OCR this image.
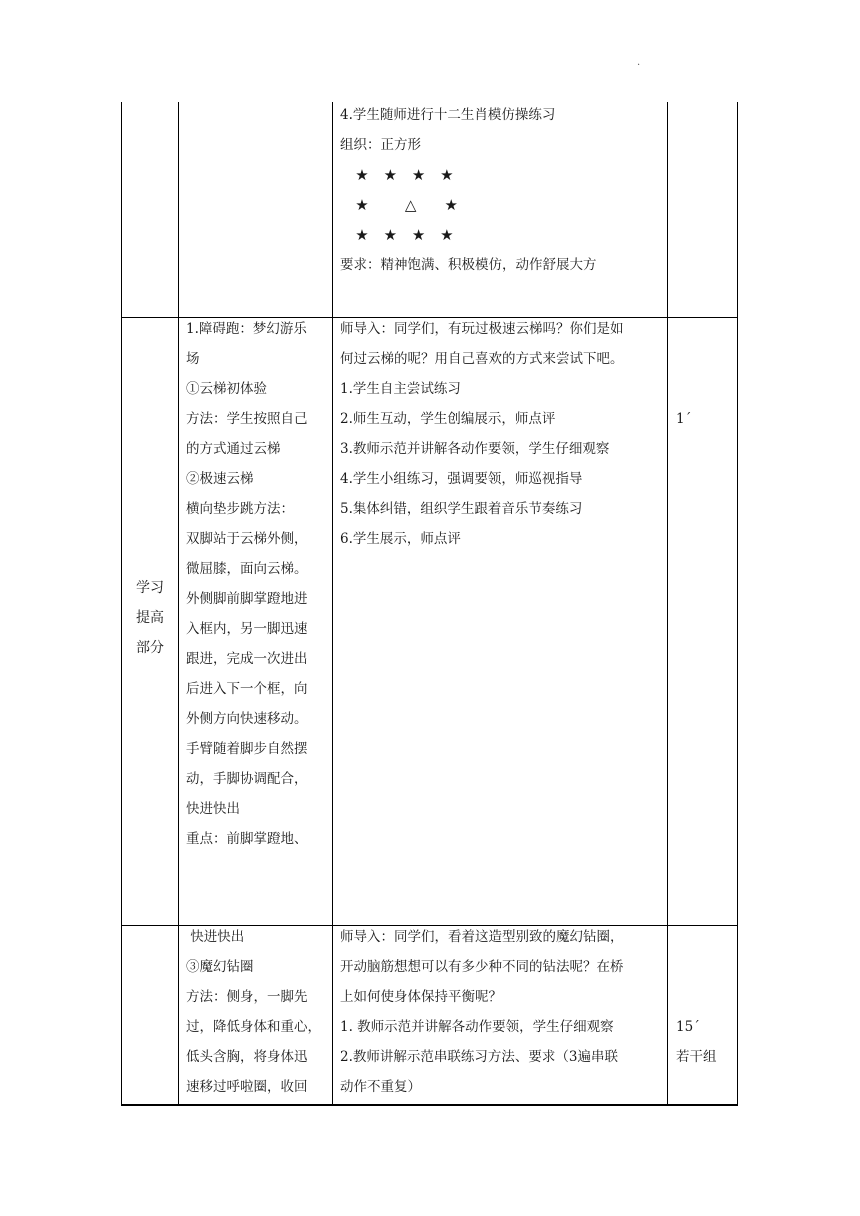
.
4.学生随师进行十二生肖模仿操练习
组织：正方形
★ ★ ★ ★
★ △ ★
★ ★ ★ ★
要求：精神饱满、积极模仿，动作舒展大方
学习
提高
部分
1.障碍跑：梦幻游乐
场
①云梯初体验
方法：学生按照自己
的方式通过云梯
②极速云梯
横向垫步跳方法：
双脚站于云梯外侧，
微屈膝，面向云梯。
外侧脚前脚掌蹬地进
入框内，另一脚迅速
跟进，完成一次进出
后进入下一个框，向
外侧方向快速移动。
手臂随着脚步自然摆
动，手脚协调配合，
快进快出
重点：前脚掌蹬地、
师导入：同学们，有玩过极速云梯吗？你们是如
何过云梯的呢？用自己喜欢的方式来尝试下吧。
1.学生自主尝试练习
2.师生互动，学生创编展示，师点评
3.教师示范并讲解各动作要领，学生仔细观察
4.学生小组练习，强调要领，师巡视指导
5.集体纠错，组织学生跟着音乐节奏练习
6.学生展示，师点评
1´
快进快出
③魔幻钻圈
方法：侧身，一脚先
过，降低身体和重心，
低头含胸，将身体迅
速移过呼啦圈，收回
师导入：同学们，看着这造型别致的魔幻钻圈，
开动脑筋想想可以有多少种不同的钻法呢？在桥
上如何使身体保持平衡呢？
1. 教师示范并讲解各动作要领，学生仔细观察
2.教师讲解示范串联练习方法、要求（3遍串联
动作不重复）
15´
若干组
